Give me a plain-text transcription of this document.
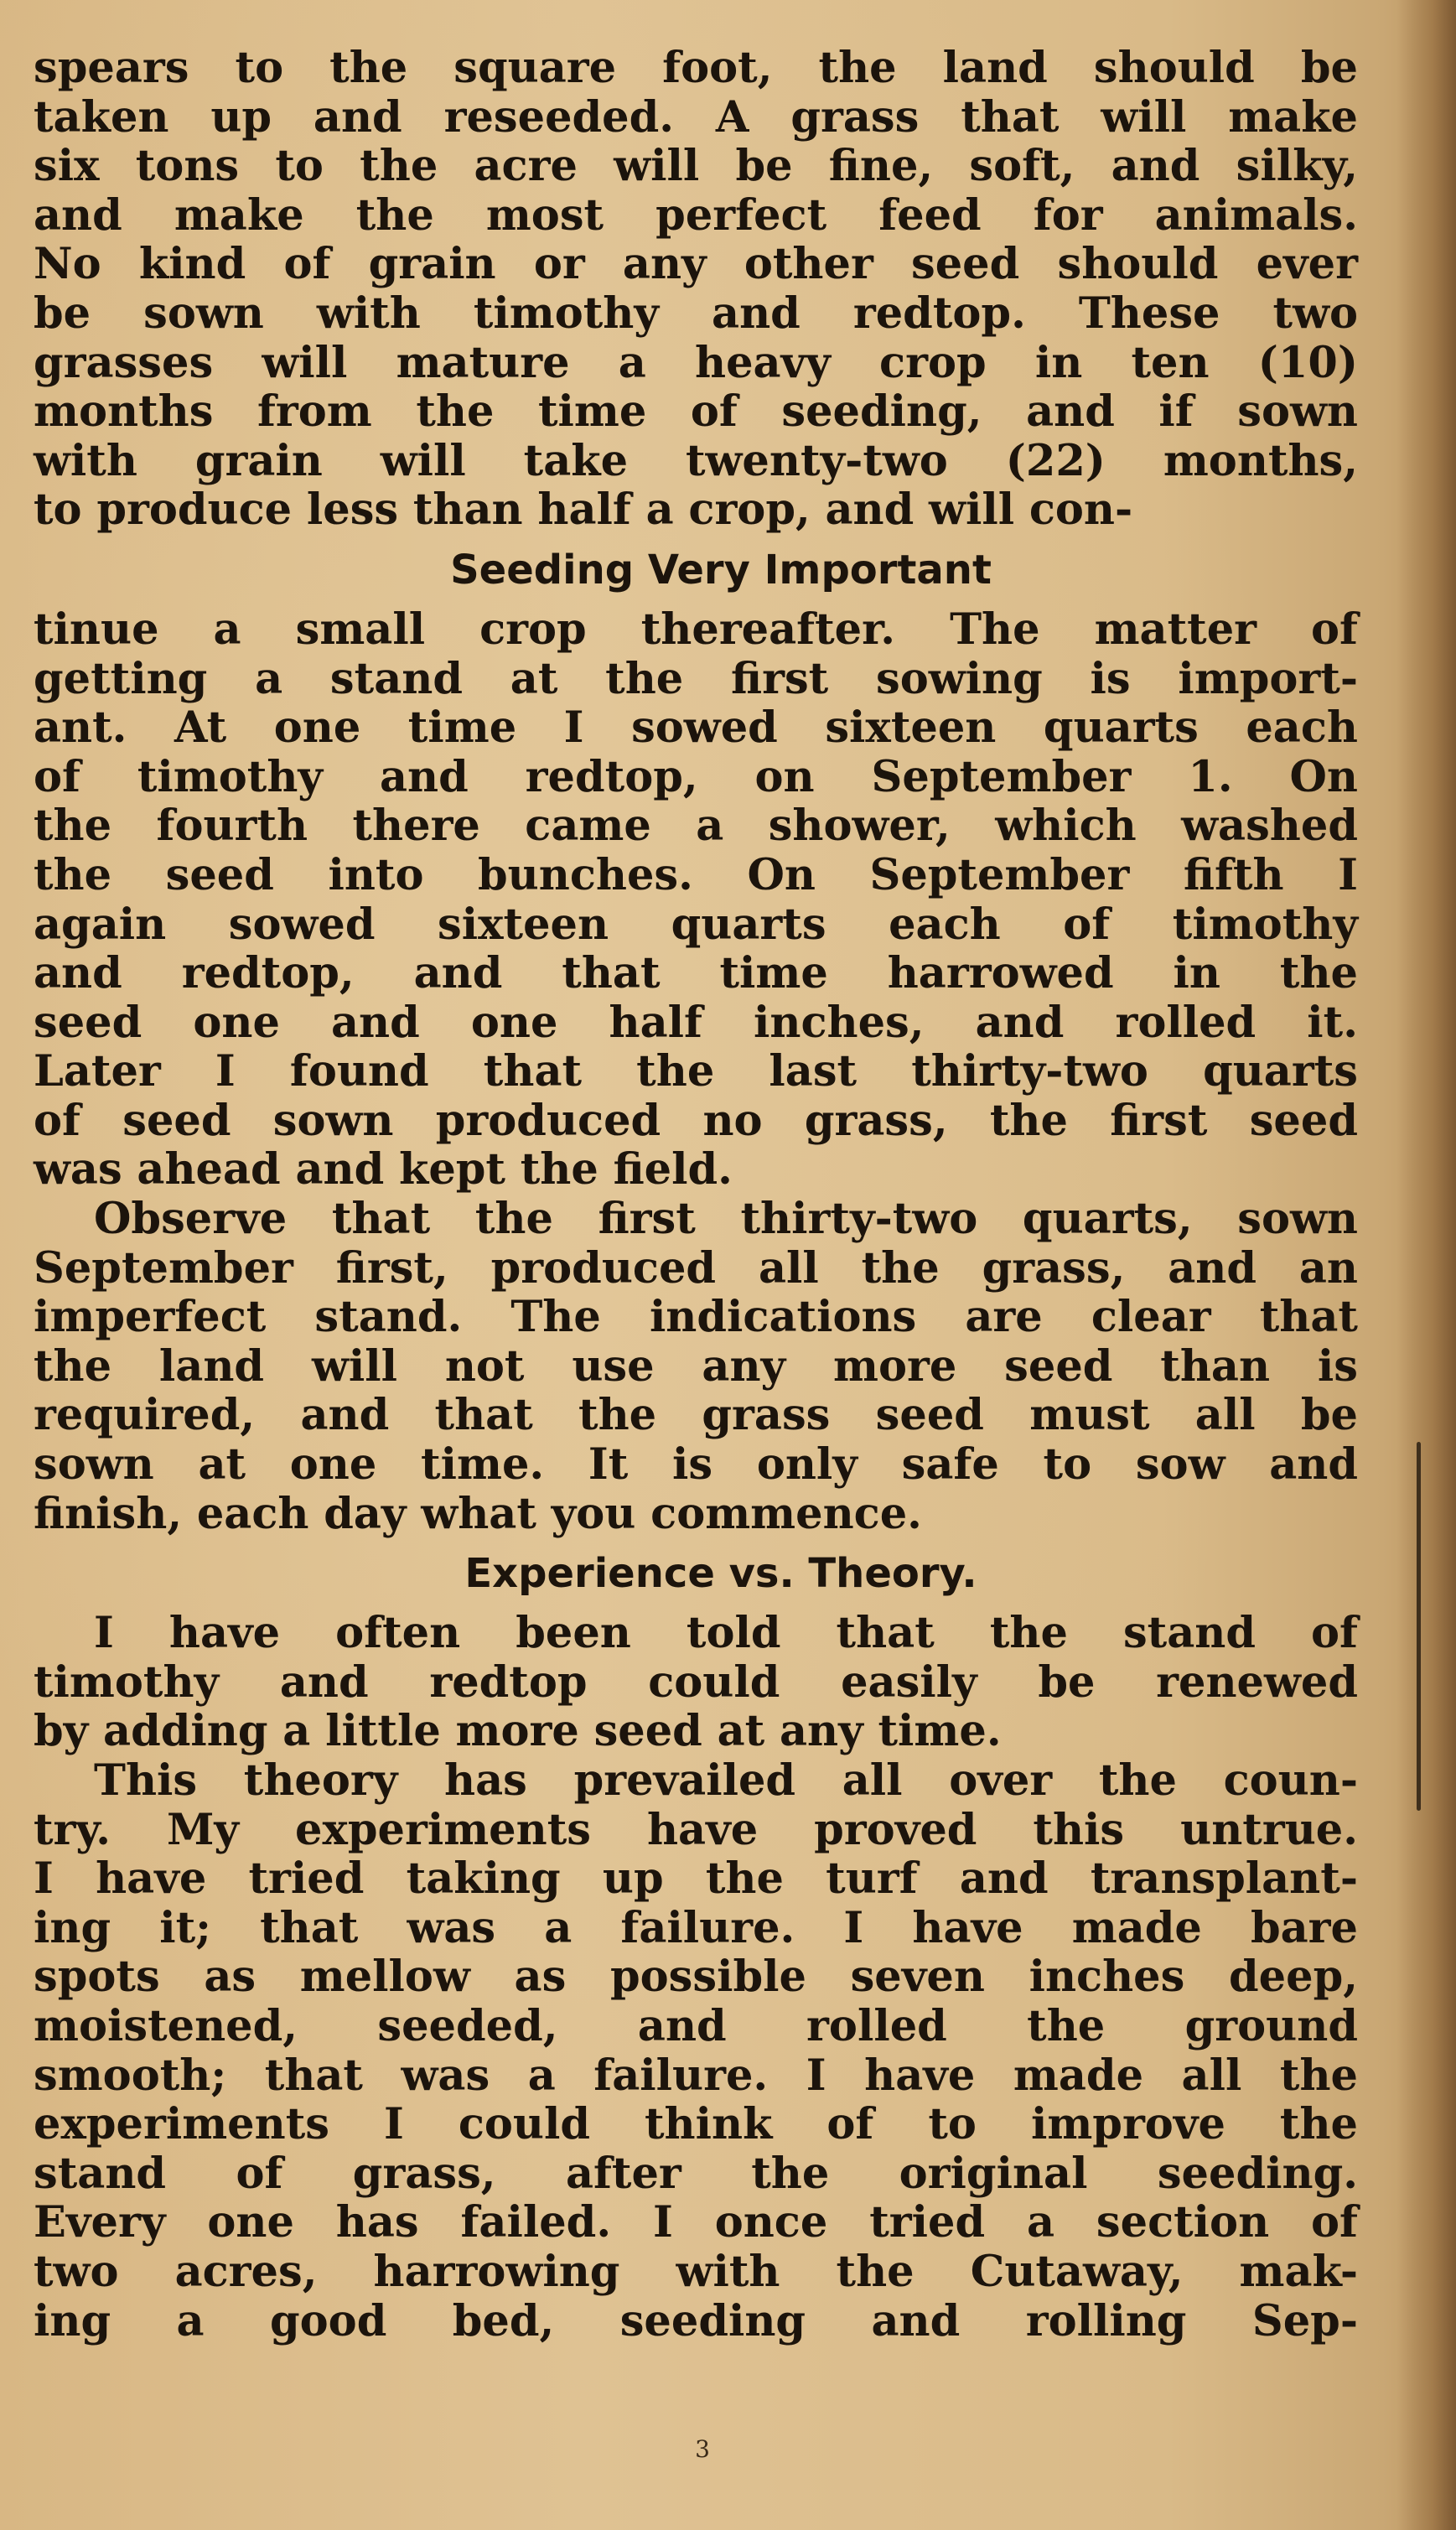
spears to the square foot, the land should be
taken up and reseeded. A grass that will make
six tons to the acre will be fine, soft, and silky,
and make the most perfect feed for animals.
No kind of grain or any other seed should ever
be sown with timothy and redtop. These two
grasses will mature a heavy crop in ten (10)
months from the time of seeding, and if sown
with grain will take twenty-two (22) months,
to produce less than half a crop, and will con-
Seeding Very Important
tinue a small crop thereafter. The matter of
getting a stand at the first sowing is import-
ant. At one time I sowed sixteen quarts each
of timothy and redtop, on September 1. On
the fourth there came a shower, which washed
the seed into bunches. On September fifth I
again sowed sixteen quarts each of timothy
and redtop, and that time harrowed in the
seed one and one half inches, and rolled it.
Later I found that the last thirty-two quarts
of seed sown produced no grass, the first seed
was ahead and kept the field.
Observe that the first thirty-two quarts, sown
September first, produced all the grass, and an
imperfect stand. The indications are clear that
the land will not use any more seed than is
required, and that the grass seed must all be
sown at one time. It is only safe to sow and
finish, each day what you commence.
Experience vs. Theory.
I have often been told that the stand of
timothy and redtop could easily be renewed
by adding a little more seed at any time.
This theory has prevailed all over the coun-
try. My experiments have proved this untrue.
I have tried taking up the turf and transplant-
ing it; that was a failure. I have made bare
spots as mellow as possible seven inches deep,
moistened, seeded, and rolled the ground
smooth; that was a failure. I have made all the
experiments I could think of to improve the
stand of grass, after the original seeding.
Every one has failed. I once tried a section of
two acres, harrowing with the Cutaway, mak-
ing a good bed, seeding and rolling Sep-
3
